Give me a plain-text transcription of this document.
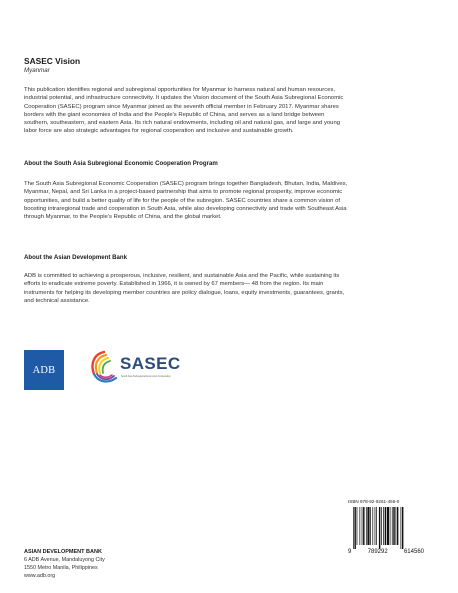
SASEC Vision
Myanmar
This publication identifies regional and subregional opportunities for Myanmar to harness natural and human resources, industrial potential, and infrastructure connectivity. It updates the Vision document of the South Asia Subregional Economic Cooperation (SASEC) program since Myanmar joined as the seventh official member in February 2017. Myanmar shares borders with the giant economies of India and the People's Republic of China, and serves as a land bridge between southern, southeastern, and eastern Asia. Its rich natural endowments, including oil and natural gas, and large and young labor force are also strategic advantages for regional cooperation and inclusive and sustainable growth.
About the South Asia Subregional Economic Cooperation Program
The South Asia Subregional Economic Cooperation (SASEC) program brings together Bangladesh, Bhutan, India, Maldives, Myanmar, Nepal, and Sri Lanka in a project-based partnership that aims to promote regional prosperity, improve economic opportunities, and build a better quality of life for the people of the subregion. SASEC countries share a common vision of boosting intraregional trade and cooperation in South Asia, while also developing connectivity and trade with Southeast Asia through Myanmar, to the People's Republic of China, and the global market.
About the Asian Development Bank
ADB is committed to achieving a prosperous, inclusive, resilient, and sustainable Asia and the Pacific, while sustaining its efforts to eradicate extreme poverty. Established in 1966, it is owned by 67 members— 48 from the region. Its main instruments for helping its developing member countries are policy dialogue, loans, equity investments, guarantees, grants, and technical assistance.
ADB	SASEC
South Asia Subregional Economic Cooperation
ISBN 978-92-9261-456-0
9	789292	614560
ASIAN DEVELOPMENT BANK
6 ADB Avenue, Mandaluyong City
1550 Metro Manila, Philippines
www.adb.org
